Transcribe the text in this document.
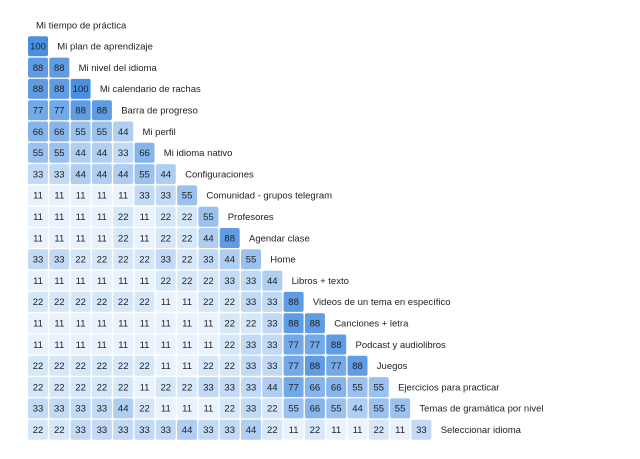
Mi tiempo de práctica
100 Mi plan de aprendizaje
88 88 Mi nivel del idioma
88 88 100 Mi calendario de rachas
77 77 88 88 Barra de progreso
66 66 55 55 44 Mi perfil
55 55 44 44 33 66 Mi idioma nativo
33 33 44 44 44 55 44 Configuraciones
11 11 11 11 11 33 33 55 Comunidad - grupos telegram
11 11 11 11 22 11 22 22 55 Profesores
11 11 11 11 22 11 22 22 44 88 Agendar clase
33 33 22 22 22 22 33 22 33 44 55 Home
11 11 11 11 11 11 22 22 22 33 33 44 Libros + texto
22 22 22 22 22 22 11 11 22 22 33 33 88 Videos de un tema en específico
11 11 11 11 11 11 11 11 11 22 22 33 88 88 Canciones + letra
11 11 11 11 11 11 11 11 11 22 33 33 77 77 88 Podcast y audiolibros
22 22 22 22 22 22 11 11 22 22 33 33 77 88 77 88 Juegos
22 22 22 22 22 11 22 22 33 33 33 44 77 66 66 55 55 Ejercicios para practicar
33 33 33 33 44 22 11 11 11 22 33 22 55 66 55 44 55 55 Temas de gramática por nivel
22 22 33 33 33 33 33 44 33 33 44 22 11 22 11 11 22 11 33 Seleccionar idioma
